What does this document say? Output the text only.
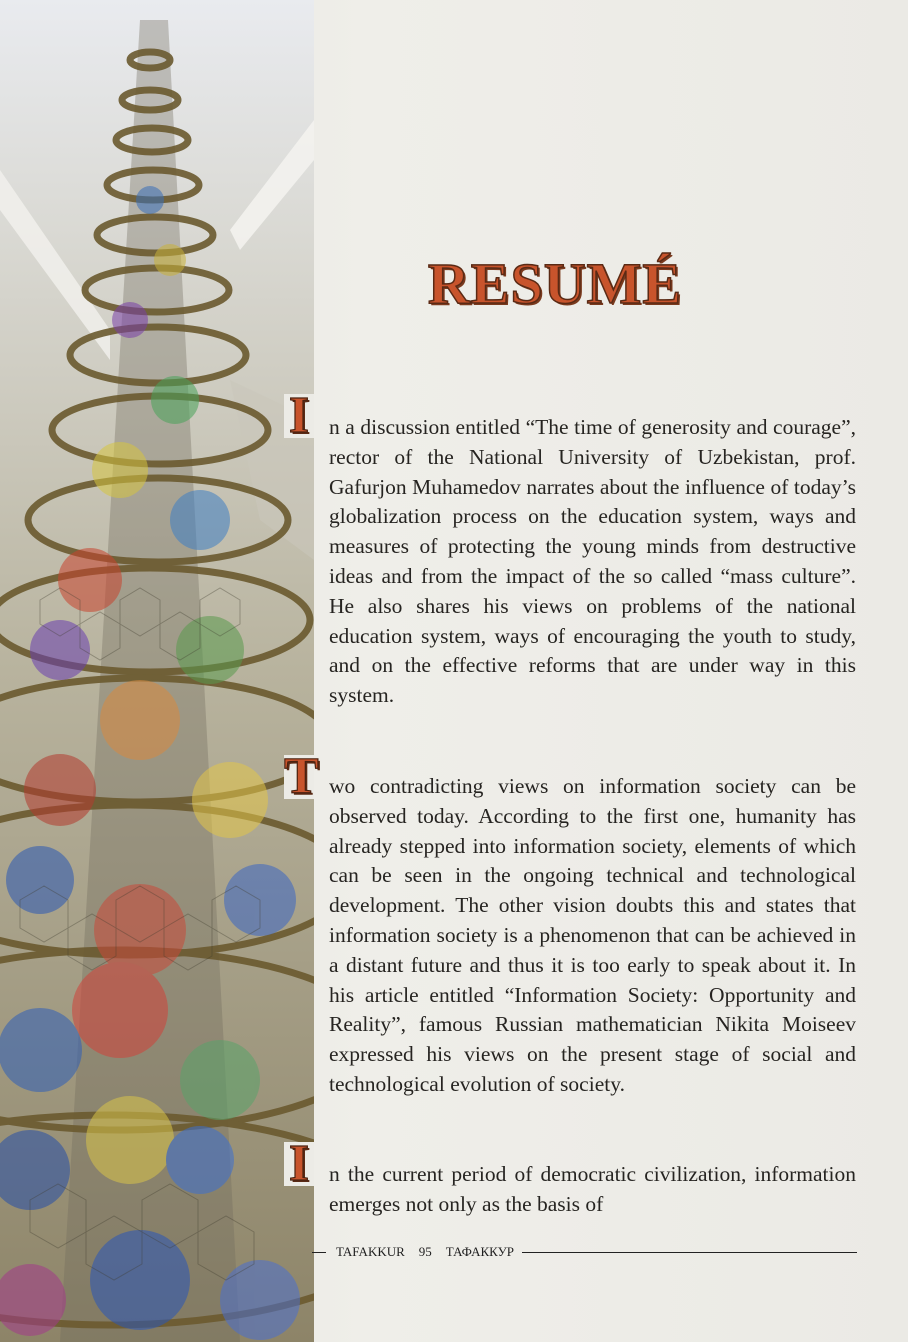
RESUMÉ
I n a discussion entitled “The time of generosity and courage”, rector of the National University of Uzbekistan, prof. Gafurjon Muhamedov narrates about the influence of today’s globalization process on the education system, ways and measures of protecting the young minds from destructive ideas and from the impact of the so called “mass culture”. He also shares his views on problems of the national education system, ways of encouraging the youth to study, and on the effective reforms that are under way in this system.
T wo contradicting views on information society can be observed today. According to the first one, humanity has already stepped into information society, elements of which can be seen in the ongoing technical and technological development. The other vision doubts this and states that information society is a phenomenon that can be achieved in a distant future and thus it is too early to speak about it. In his article entitled “Information Society: Opportunity and Reality”, famous Russian mathematician Nikita Moiseev expressed his views on the present stage of social and technological evolution of society.
I n the current period of democratic civilization, information emerges not only as the basis of
TAFAKKUR 95 ТАФАККУР
